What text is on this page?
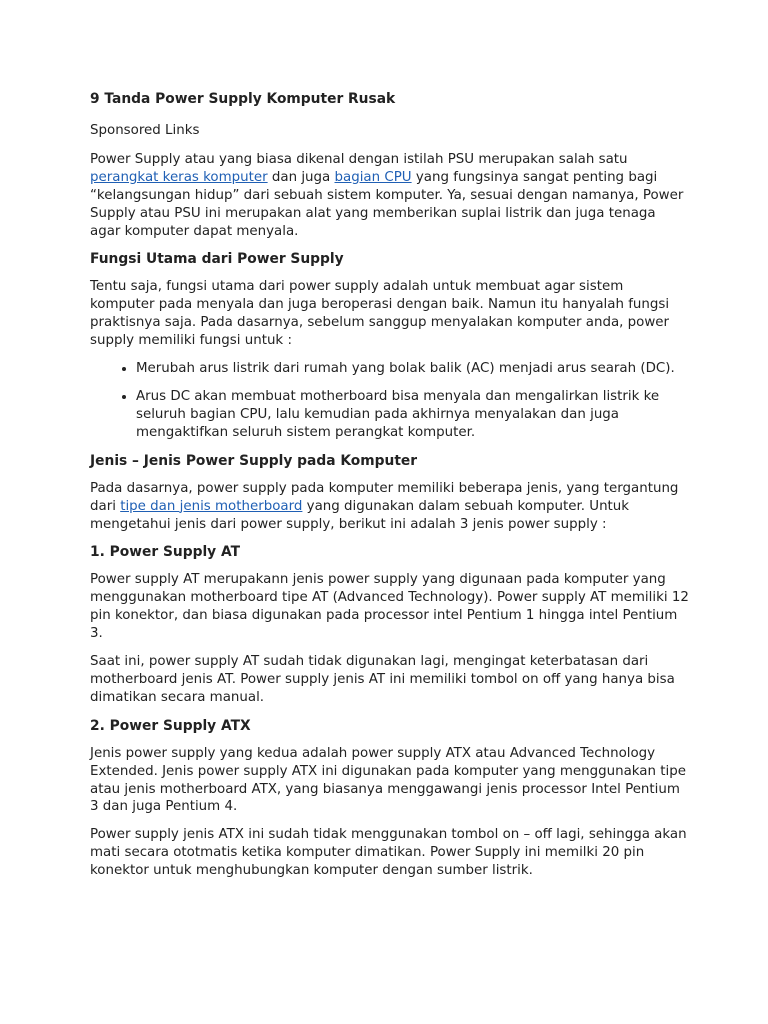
9 Tanda Power Supply Komputer Rusak

Sponsored Links

Power Supply atau yang biasa dikenal dengan istilah PSU merupakan salah satu perangkat keras komputer dan juga bagian CPU yang fungsinya sangat penting bagi “kelangsungan hidup” dari sebuah sistem komputer. Ya, sesuai dengan namanya, Power Supply atau PSU ini merupakan alat yang memberikan suplai listrik dan juga tenaga agar komputer dapat menyala.

Fungsi Utama dari Power Supply

Tentu saja, fungsi utama dari power supply adalah untuk membuat agar sistem komputer pada menyala dan juga beroperasi dengan baik. Namun itu hanyalah fungsi praktisnya saja. Pada dasarnya, sebelum sanggup menyalakan komputer anda, power supply memiliki fungsi untuk :

• Merubah arus listrik dari rumah yang bolak balik (AC) menjadi arus searah (DC).
• Arus DC akan membuat motherboard bisa menyala dan mengalirkan listrik ke seluruh bagian CPU, lalu kemudian pada akhirnya menyalakan dan juga mengaktifkan seluruh sistem perangkat komputer.
Jenis – Jenis Power Supply pada Komputer

Pada dasarnya, power supply pada komputer memiliki beberapa jenis, yang tergantung dari tipe dan jenis motherboard yang digunakan dalam sebuah komputer. Untuk mengetahui jenis dari power supply, berikut ini adalah 3 jenis power supply :

1. Power Supply AT

Power supply AT merupakann jenis power supply yang digunaan pada komputer yang menggunakan motherboard tipe AT (Advanced Technology). Power supply AT memiliki 12 pin konektor, dan biasa digunakan pada processor intel Pentium 1 hingga intel Pentium 3.

Saat ini, power supply AT sudah tidak digunakan lagi, mengingat keterbatasan dari motherboard jenis AT. Power supply jenis AT ini memiliki tombol on off yang hanya bisa dimatikan secara manual.

2. Power Supply ATX

Jenis power supply yang kedua adalah power supply ATX atau Advanced Technology Extended. Jenis power supply ATX ini digunakan pada komputer yang menggunakan tipe atau jenis motherboard ATX, yang biasanya menggawangi jenis processor Intel Pentium 3 dan juga Pentium 4.

Power supply jenis ATX ini sudah tidak menggunakan tombol on – off lagi, sehingga akan mati secara ototmatis ketika komputer dimatikan. Power Supply ini memilki 20 pin konektor untuk menghubungkan komputer dengan sumber listrik.
